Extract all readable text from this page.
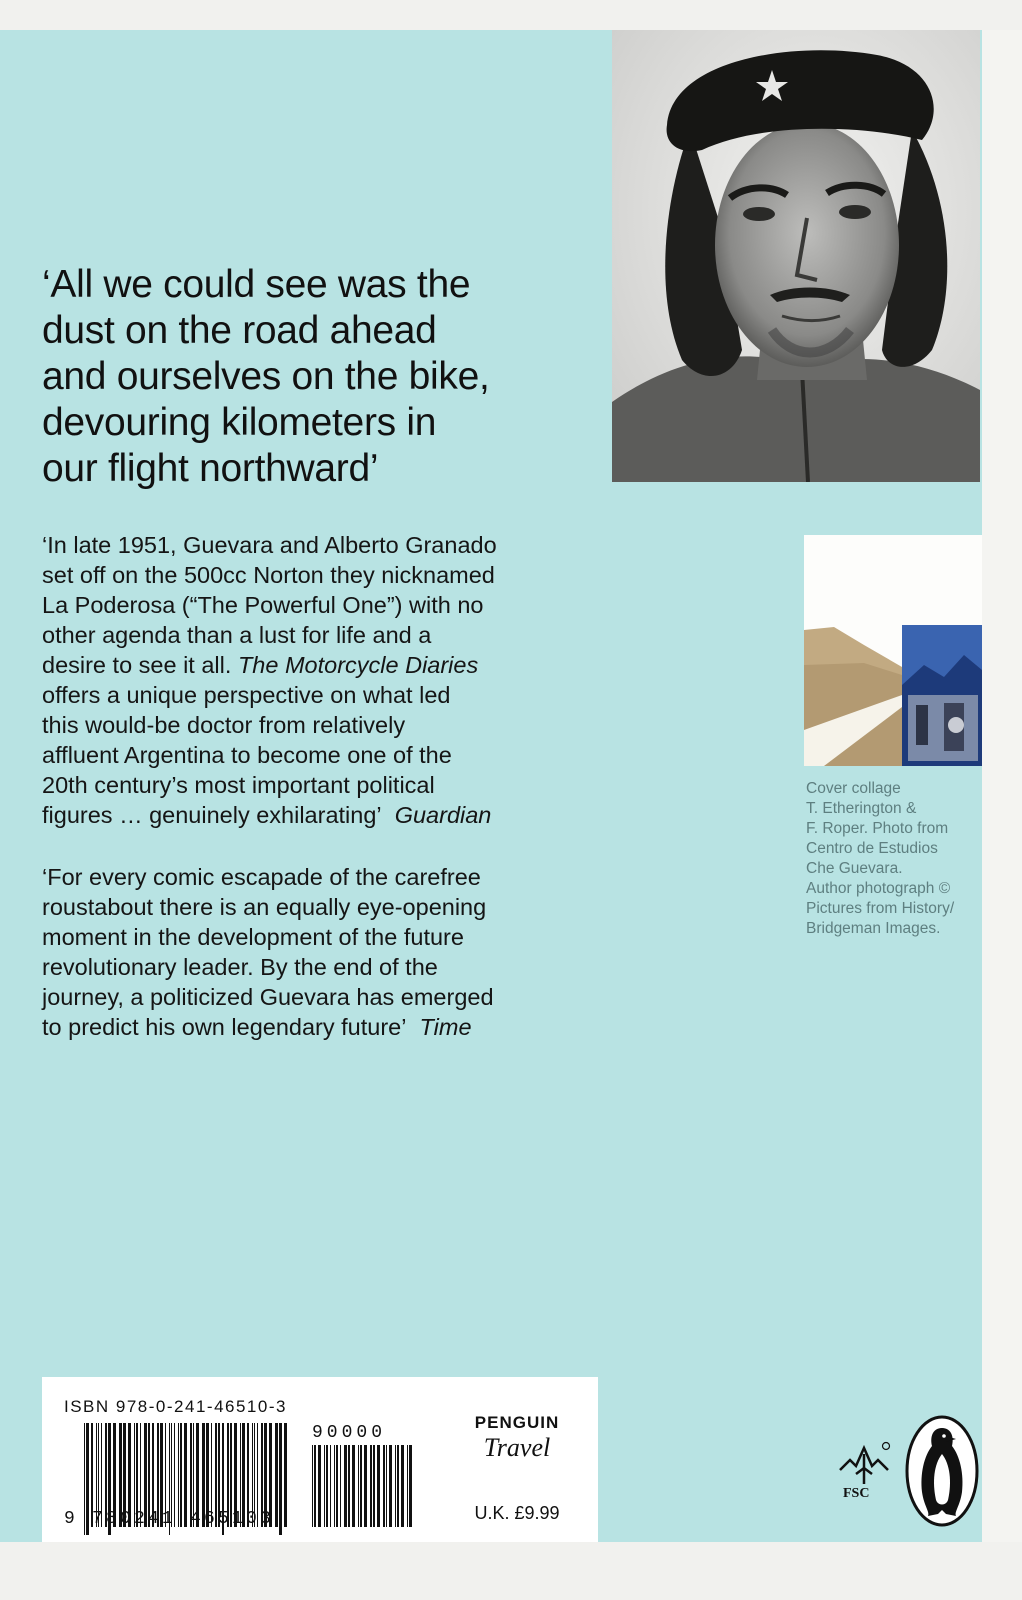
‘All we could see was the
dust on the road ahead
and ourselves on the bike,
devouring kilometers in
our flight northward’
‘In late 1951, Guevara and Alberto Granado
set off on the 500cc Norton they nicknamed
La Poderosa (“The Powerful One”) with no
other agenda than a lust for life and a
desire to see it all. The Motorcycle Diaries
offers a unique perspective on what led
this would-be doctor from relatively
affluent Argentina to become one of the
20th century’s most important political
figures … genuinely exhilarating’ Guardian
‘For every comic escapade of the carefree
roustabout there is an equally eye-opening
moment in the development of the future
revolutionary leader. By the end of the
journey, a politicized Guevara has emerged
to predict his own legendary future’ Time
Cover collage
T. Etherington &
F. Roper. Photo from
Centro de Estudios
Che Guevara.
Author photograph ©
Pictures from History/
Bridgeman Images.
ISBN 978-0-241-46510-3
90000
9 780241 465103
PENGUIN
Travel
U.K. £9.99
FSC
